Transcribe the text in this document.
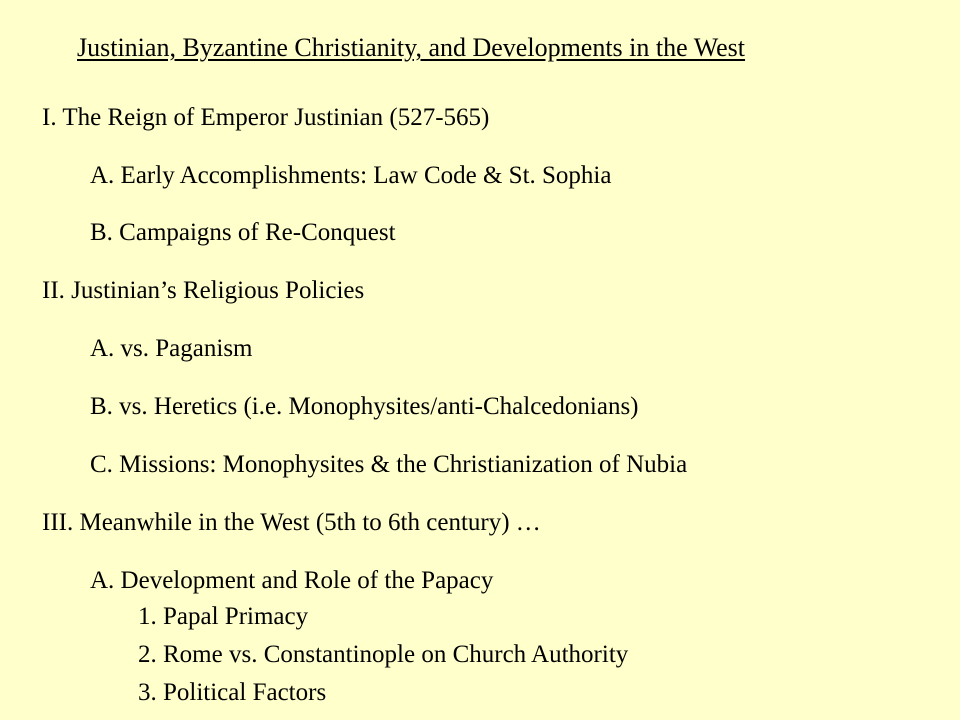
Justinian, Byzantine Christianity, and Developments in the West
I. The Reign of Emperor Justinian (527-565)
A. Early Accomplishments: Law Code & St. Sophia
B. Campaigns of Re-Conquest
II. Justinian’s Religious Policies
A. vs. Paganism
B. vs. Heretics (i.e. Monophysites/anti-Chalcedonians)
C. Missions: Monophysites & the Christianization of Nubia
III. Meanwhile in the West (5th to 6th century) …
A. Development and Role of the Papacy
1. Papal Primacy
2. Rome vs. Constantinople on Church Authority
3. Political Factors
